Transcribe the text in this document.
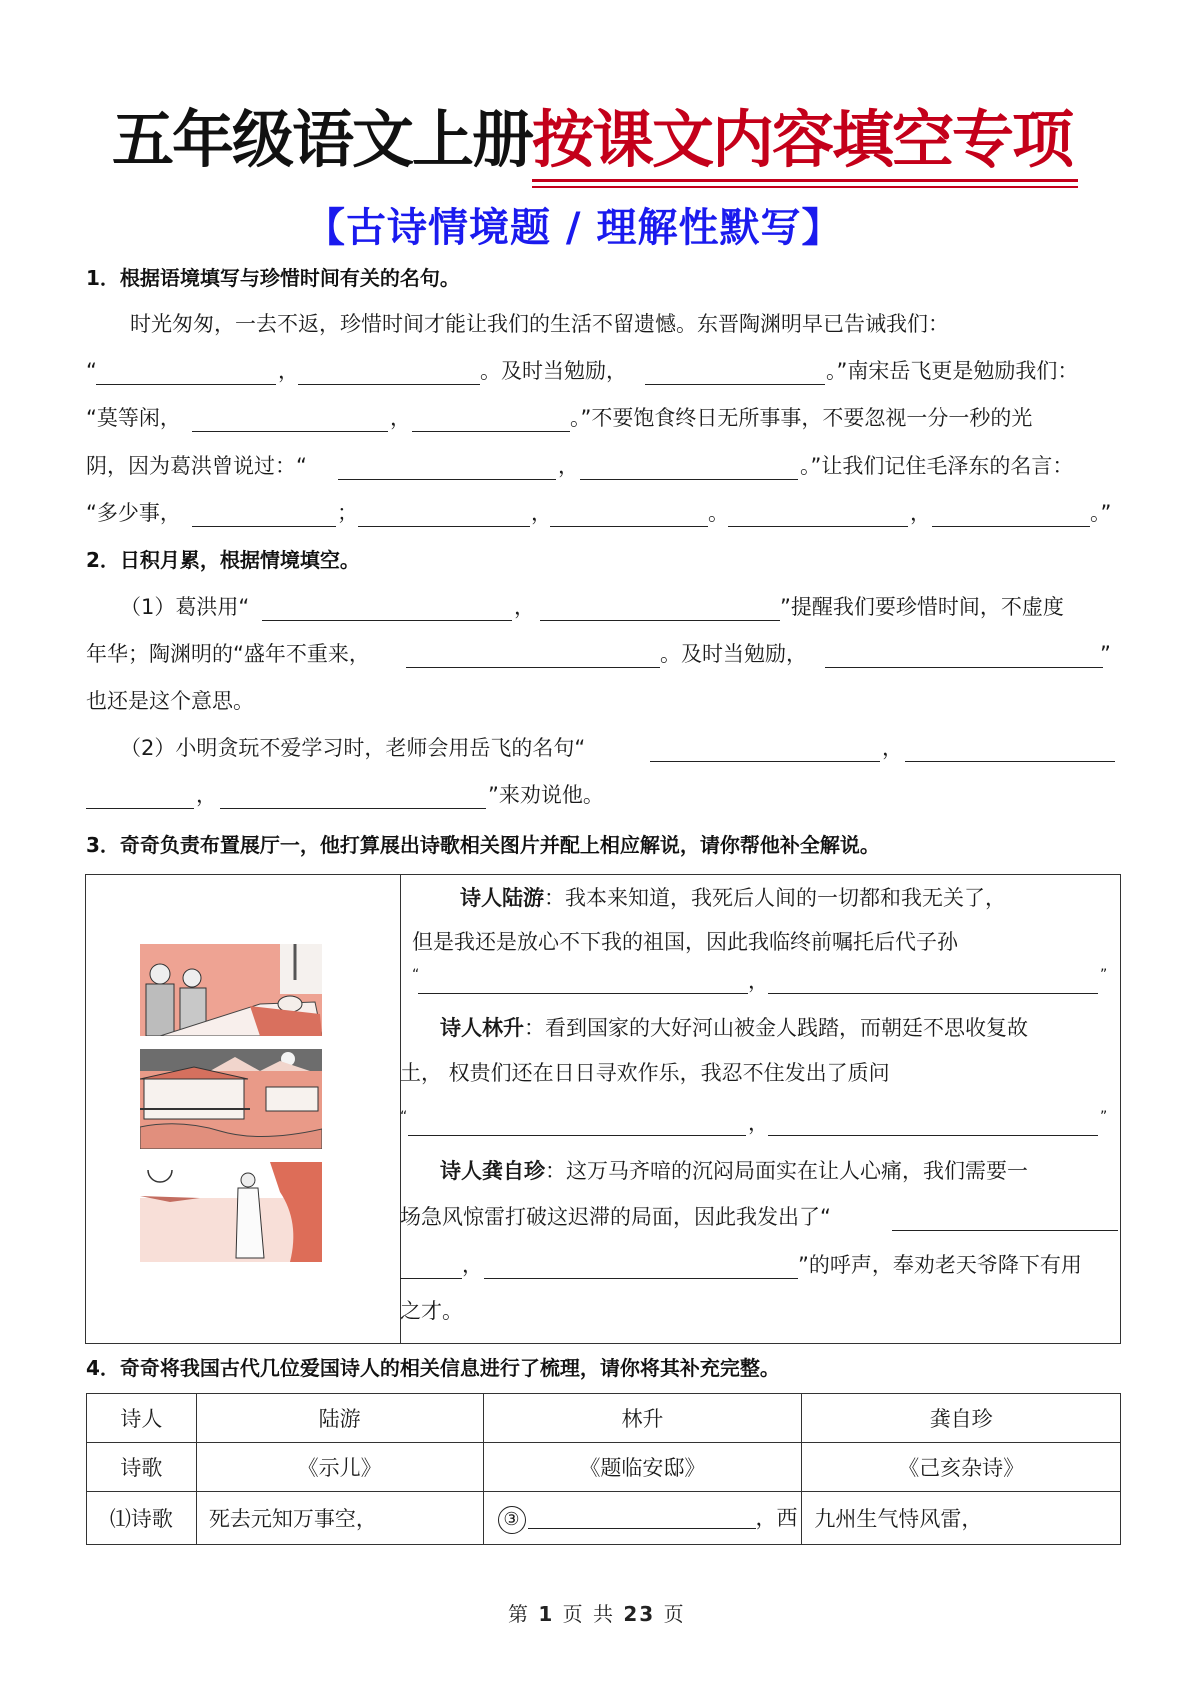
五年级语文上册按课文内容填空专项
【古诗情境题 / 理解性默写】
1．根据语境填写与珍惜时间有关的名句。
时光匆匆，一去不返，珍惜时间才能让我们的生活不留遗憾。东晋陶渊明早已告诫我们：
“	，	。及时当勉励，	。”南宋岳飞更是勉励我们：
“莫等闲，	，	。”不要饱食终日无所事事，不要忽视一分一秒的光
阴，因为葛洪曾说过：“	，	。”让我们记住毛泽东的名言：
“多少事，	；	，	。	，	。”
2．日积月累，根据情境填空。
（1）葛洪用“	，	”提醒我们要珍惜时间，不虚度
年华；陶渊明的“盛年不重来，	。及时当勉励，	”
也还是这个意思。
（2）小明贪玩不爱学习时，老师会用岳飞的名句“	，
，	”来劝说他。
3．奇奇负责布置展厅一，他打算展出诗歌相关图片并配上相应解说，请你帮他补全解说。
诗人陆游：我本来知道，我死后人间的一切都和我无关了，
但是我还是放心不下我的祖国，因此我临终前嘱托后代子孙
“	，	”
诗人林升：看到国家的大好河山被金人践踏，而朝廷不思收复故
土， 权贵们还在日日寻欢作乐，我忍不住发出了质问
“	，	”
诗人龚自珍：这万马齐喑的沉闷局面实在让人心痛，我们需要一
场急风惊雷打破这迟滞的局面，因此我发出了“
，	”的呼声，奉劝老天爷降下有用
之才。
4．奇奇将我国古代几位爱国诗人的相关信息进行了梳理，请你将其补充完整。
诗人	陆游	林升	龚自珍
诗歌	《示儿》	《题临安邸》	《己亥杂诗》
⑴诗歌	死去元知万事空，	③ ，西	九州生气恃风雷，
第 1 页 共 23 页
